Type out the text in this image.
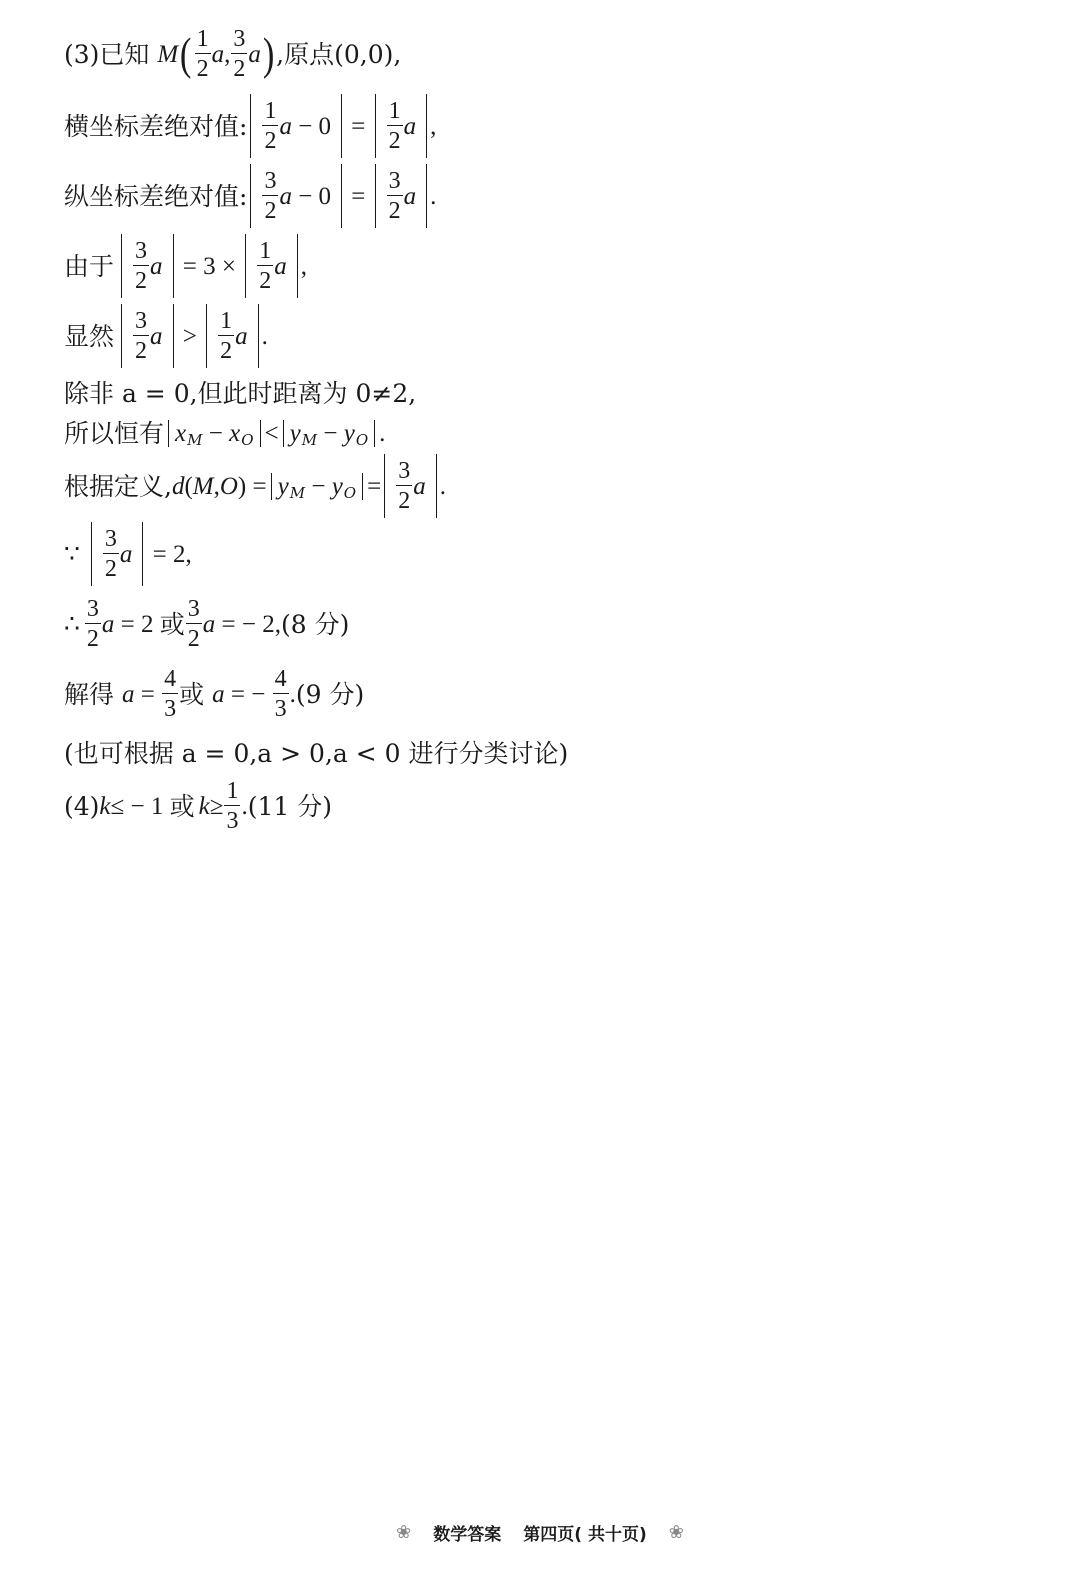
(3)已知 M ( $\frac{1}{2}$ a , $\frac{3}{2}$ a ) ,原点(0,0),
横坐标差绝对值: $\frac{1}{2}$ $a - 0 = \frac{1}{2}$ a ,
纵坐标差绝对值: $\frac{3}{2}$ $a - 0 = \frac{3}{2}$ a .
由于 $\frac{3}{2}$ $a = 3 \times \frac{1}{2}$ a ,
显然 $\frac{3}{2}$ $a > \frac{1}{2}$ a .
除非 a = 0,但此时距离为 0≠2,
所以恒有 x M − x O < y M − y O .
根据定义, d ( M , O ) = y M − y $O = \frac{3}{2}$ a .
∵ $\frac{3}{2}$ a = 2,
∴ $\frac{3}{2}$ a = 2 或 $\frac{3}{2}$ a = − 2, (8 分)
解得 $a = \frac{4}{3}$ 或 a = − $\frac{4}{3}$ . (9 分)
(也可根据 a = 0,a > 0,a < 0 进行分类讨论)
(4) k ≤ − 1 或 $k \ge \frac{1}{3}$ . (11 分)
❀ 数学答案 第四页( 共十页) ❀
